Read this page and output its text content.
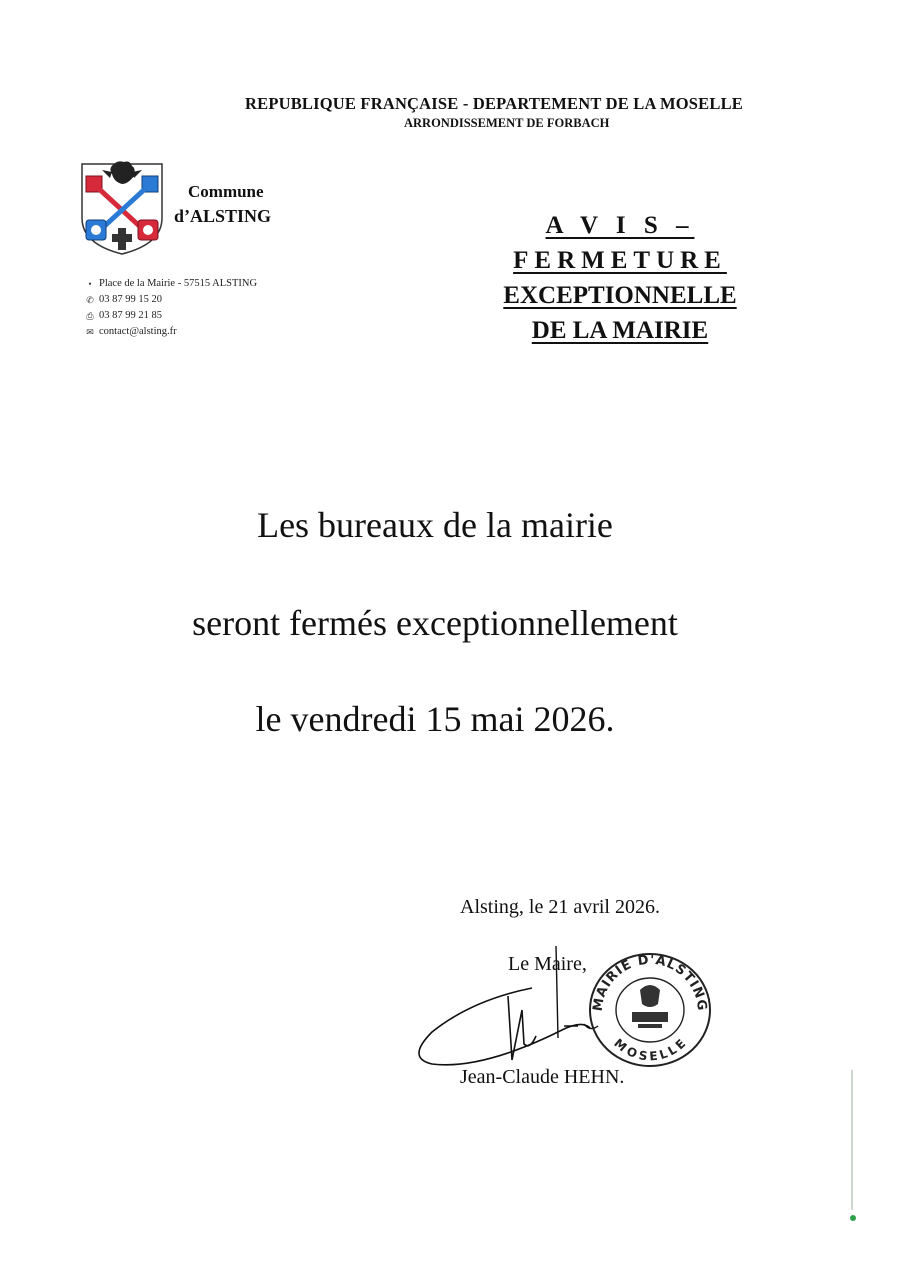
REPUBLIQUE FRANÇAISE - DEPARTEMENT DE LA MOSELLE
ARRONDISSEMENT DE FORBACH
Commune
d’ALSTING
• Place de la Mairie - 57515 ALSTING
✆ 03 87 99 15 20
⎙ 03 87 99 21 85
✉ contact@alsting.fr
A V I S – FERMETURE
EXCEPTIONNELLE
DE LA MAIRIE
Les bureaux de la mairie
seront fermés exceptionnellement
le vendredi 15 mai 2026.
Alsting, le 21 avril 2026.
Le Maire,
Jean-Claude HEHN.
MAIRIE D'ALSTING
MOSELLE
